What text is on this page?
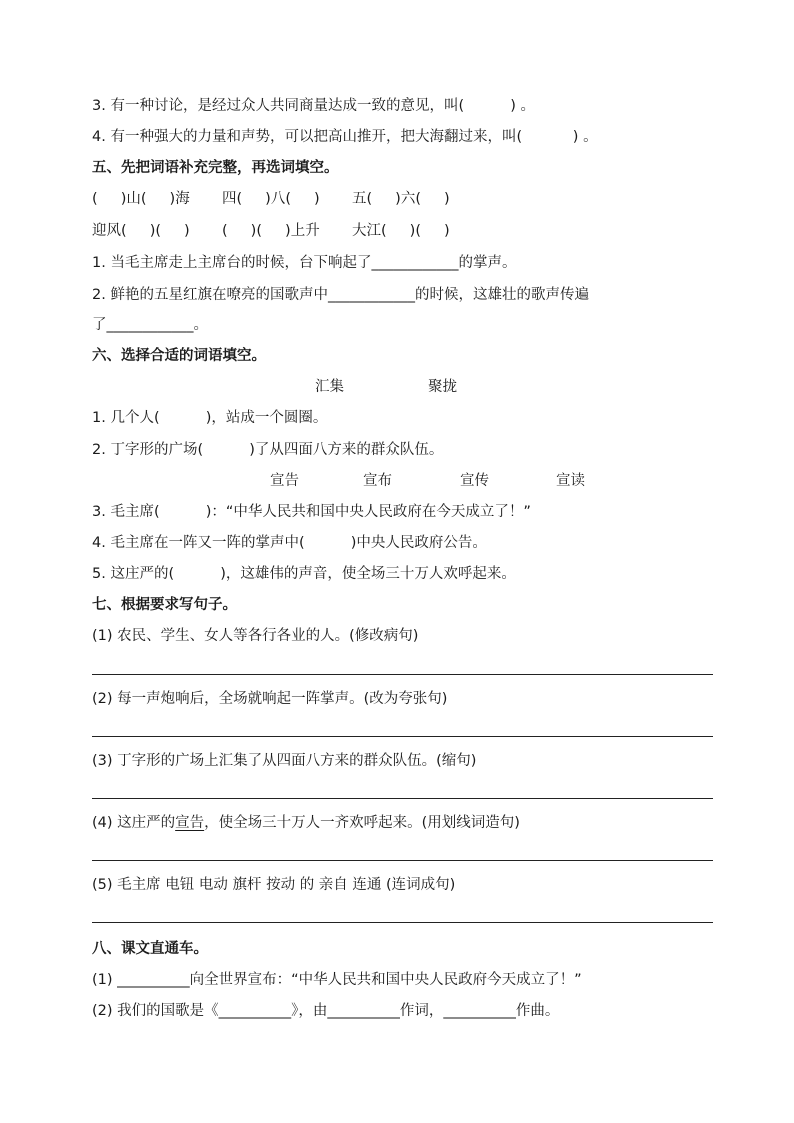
3. 有一种讨论，是经过众人共同商量达成一致的意见，叫(          ) 。
4. 有一种强大的力量和声势，可以把高山推开，把大海翻过来，叫(           ) 。
五、先把词语补充完整，再选词填空。
(     )山(     )海       四(     )八(     )       五(     )六(     )
迎风(     )(     )       (     )(     )上升       大江(     )(     )
1. 当毛主席走上主席台的时候，台下响起了____________的掌声。
2. 鲜艳的五星红旗在嘹亮的国歌声中____________的时候，这雄壮的歌声传遍
了____________。
六、选择合适的词语填空。
汇集	聚拢
1. 几个人(          )，站成一个圆圈。
2. 丁字形的广场(          )了从四面八方来的群众队伍。
宣告	宣布	宣传	宣读
3. 毛主席(          )：“中华人民共和国中央人民政府在今天成立了！”
4. 毛主席在一阵又一阵的掌声中(          )中央人民政府公告。
5. 这庄严的(          )，这雄伟的声音，使全场三十万人欢呼起来。
七、根据要求写句子。
(1) 农民、学生、女人等各行各业的人。(修改病句)
(2) 每一声炮响后，全场就响起一阵掌声。(改为夸张句)
(3) 丁字形的广场上汇集了从四面八方来的群众队伍。(缩句)
(4) 这庄严的宣告，使全场三十万人一齐欢呼起来。(用划线词造句)
(5) 毛主席 电钮 电动 旗杆 按动 的 亲自 连通 (连词成句)
八、课文直通车。
(1) __________向全世界宣布：“中华人民共和国中央人民政府今天成立了！”
(2) 我们的国歌是《__________》，由__________作词，__________作曲。
